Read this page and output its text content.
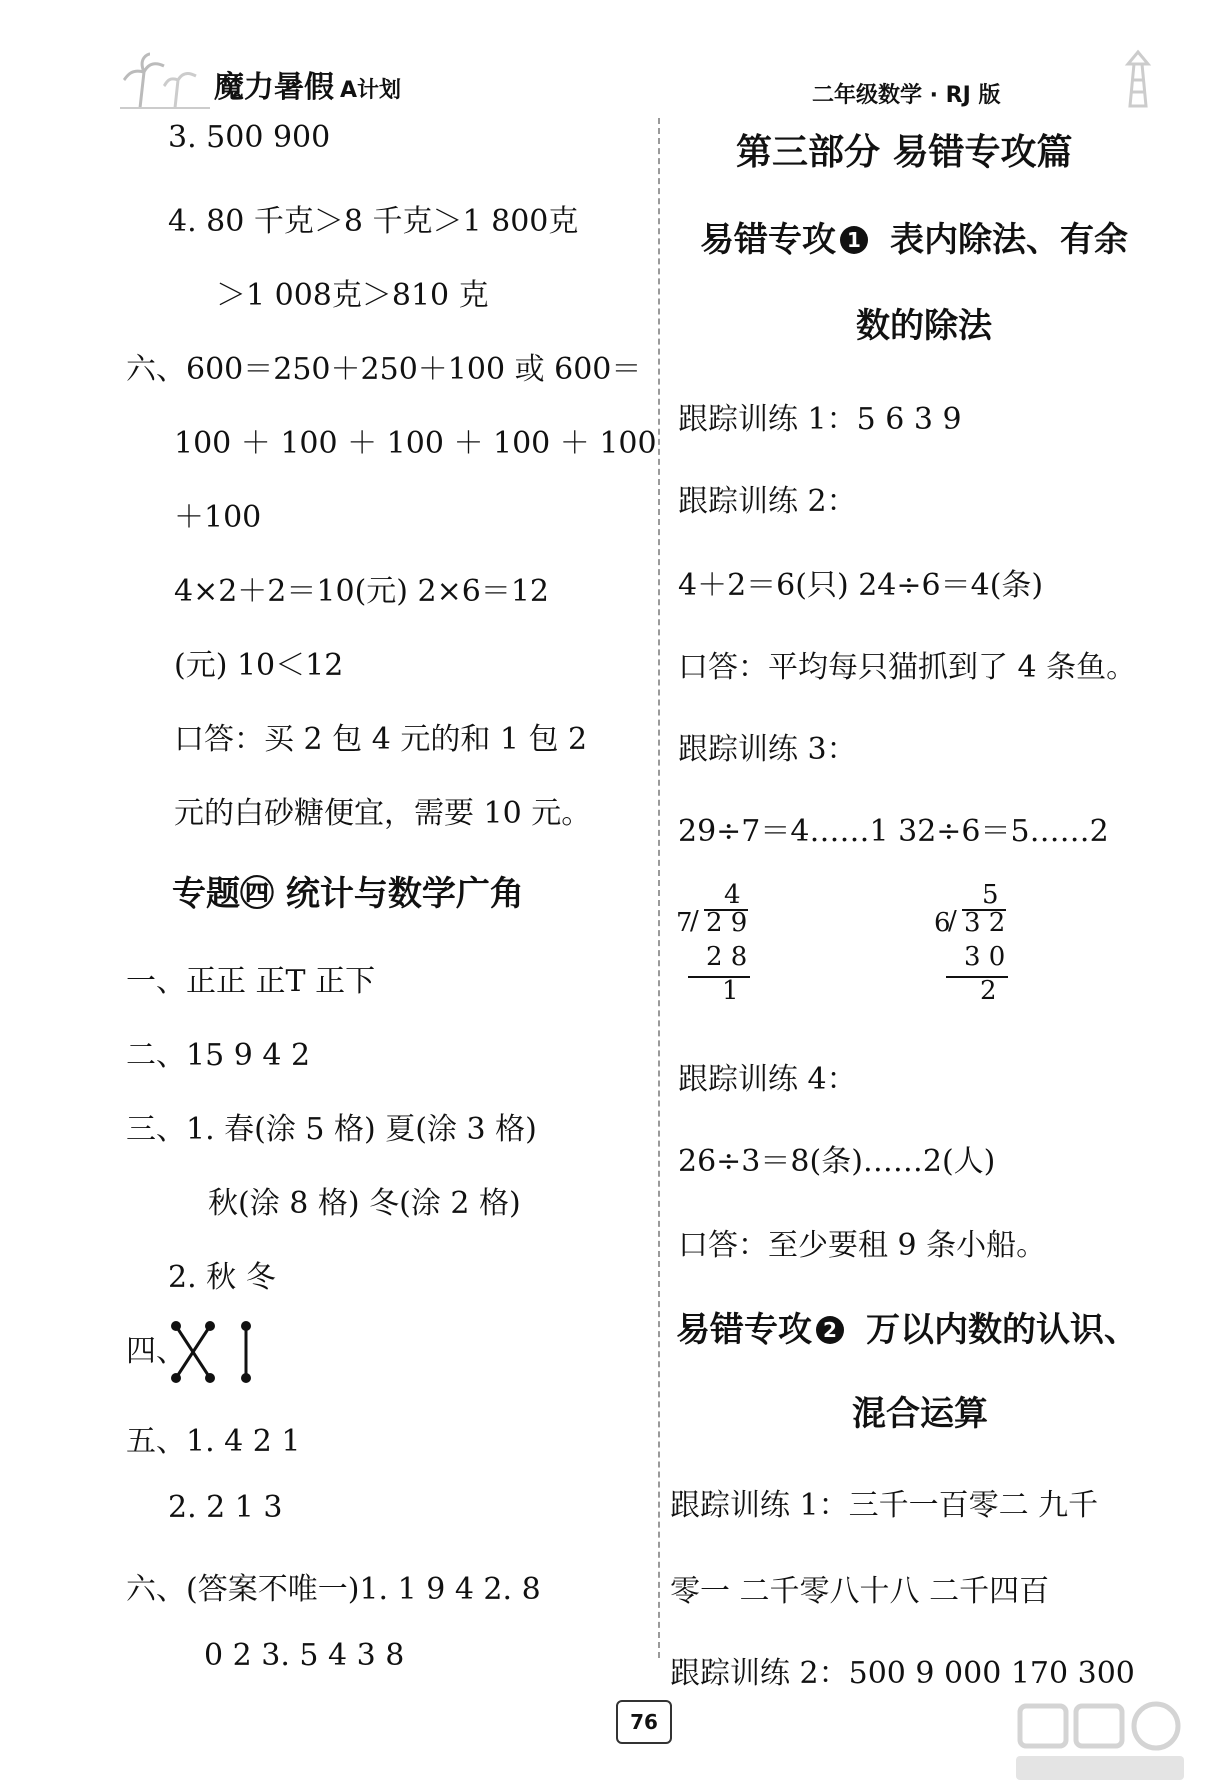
魔力暑假 A计划	二年级数学 · RJ 版
3. 500 900
4. 80 千克＞8 千克＞1 800克
＞1 008克＞810 克
六、600＝250＋250＋100 或 600＝
100 ＋ 100 ＋ 100 ＋ 100 ＋ 100
＋100
4×2＋2＝10(元) 2×6＝12
(元) 10＜12
口答：买 2 包 4 元的和 1 包 2
元的白砂糖便宜，需要 10 元。
专题㊃ 统计与数学广角
一、正正 正T 正下
二、15 9 4 2
三、1. 春(涂 5 格) 夏(涂 3 格)
秋(涂 8 格) 冬(涂 2 格)
2. 秋 冬
四、
五、1. 4 2 1
2. 2 1 3
六、(答案不唯一)1. 1 9 4 2. 8
0 2 3. 5 4 3 8
第三部分 易错专攻篇
易错专攻 1 表内除法、有余
数的除法
跟踪训练 1：5 6 3 9
跟踪训练 2：
4＋2＝6(只) 24÷6＝4(条)
口答：平均每只猫抓到了 4 条鱼。
跟踪训练 3：
29÷7＝4……1 32÷6＝5……2
4
7
/ 2 9
2 8
1
5
6
/ 3 2
3 0
2
跟踪训练 4：
26÷3＝8(条)……2(人)
口答：至少要租 9 条小船。
易错专攻 2 万以内数的认识、
混合运算
跟踪训练 1：三千一百零二 九千
零一 二千零八十八 二千四百
跟踪训练 2：500 9 000 170 300
76
